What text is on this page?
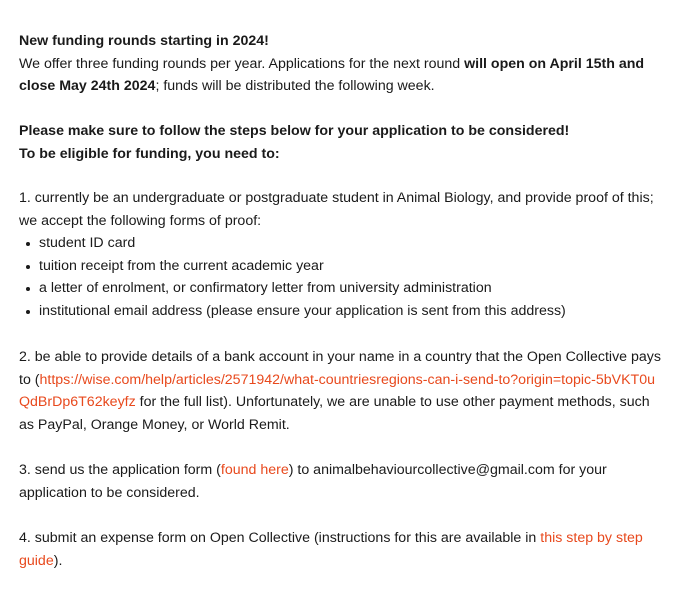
New funding rounds starting in 2024!

We offer three funding rounds per year. Applications for the next round will open on April 15th and close May 24th 2024; funds will be distributed the following week.

Please make sure to follow the steps below for your application to be considered!

To be eligible for funding, you need to:

1. currently be an undergraduate or postgraduate student in Animal Biology, and provide proof of this; we accept the following forms of proof:

student ID card
tuition receipt from the current academic year
a letter of enrolment, or confirmatory letter from university administration
institutional email address (please ensure your application is sent from this address)

2. be able to provide details of a bank account in your name in a country that the Open Collective pays to (https://wise.com/help/articles/2571942/what-countriesregions-can-i-send-to?origin=topic-5bVKT0uQdBrDp6T62keyfz for the full list). Unfortunately, we are unable to use other payment methods, such as PayPal, Orange Money, or World Remit.

3. send us the application form (found here) to animalbehaviourcollective@gmail.com for your application to be considered.

4. submit an expense form on Open Collective (instructions for this are available in this step by step guide).
